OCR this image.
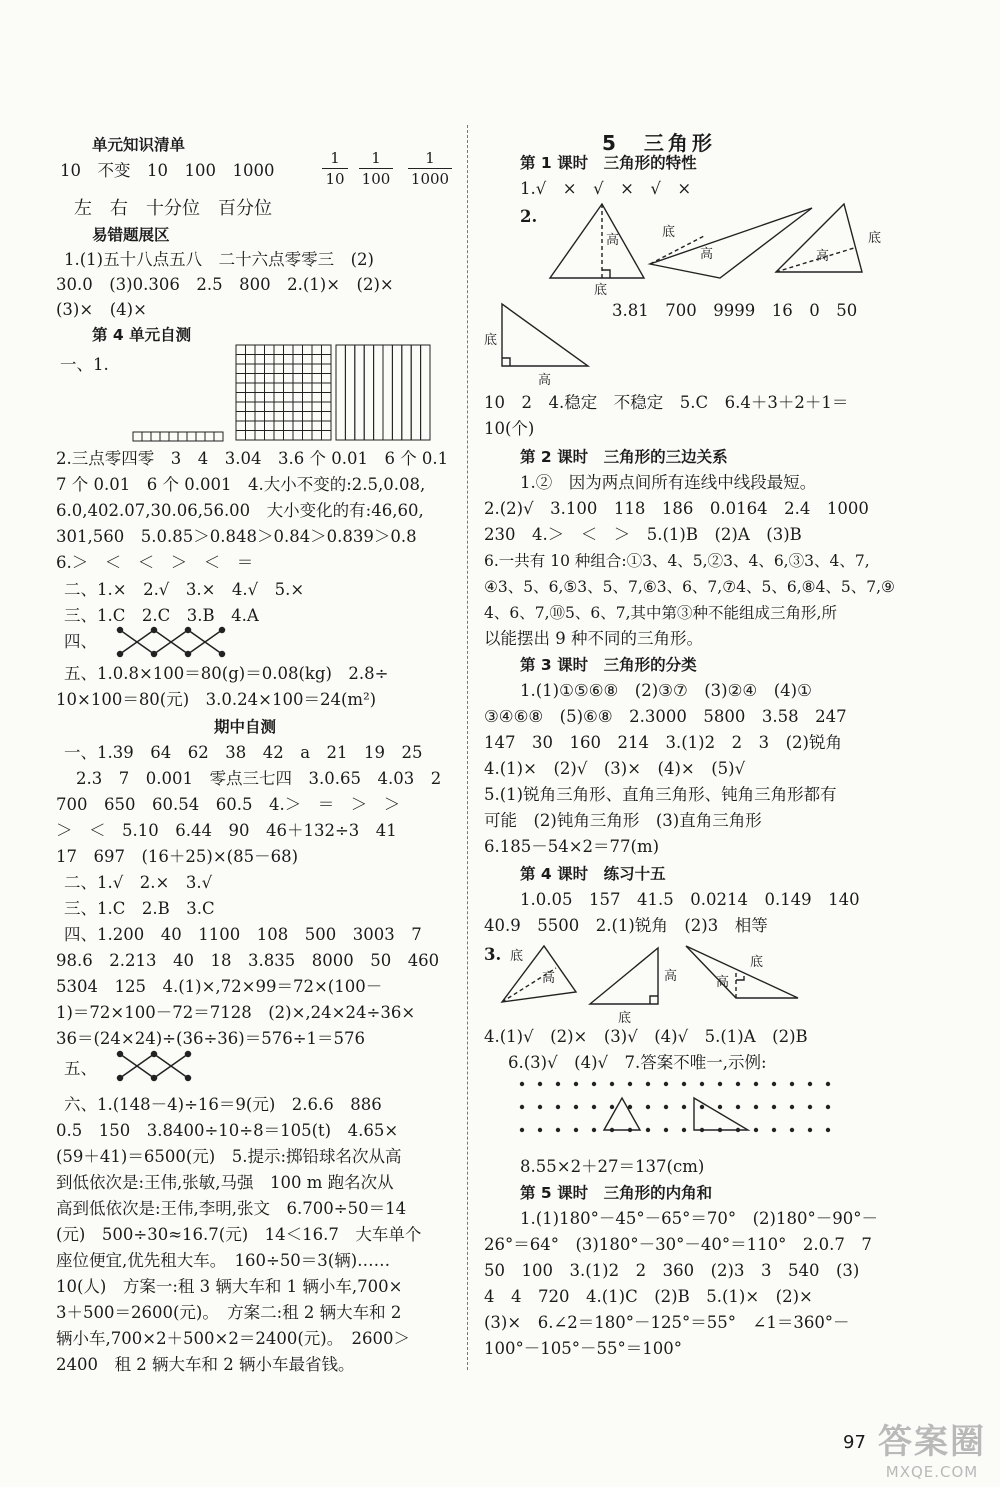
单元知识清单
10　不变　10　100　1000	$\frac{1}{10} \frac{1}{100} \frac{1}{1000}$
左　右　十分位　百分位
易错题展区
1.(1)五十八点五八　二十六点零零三　(2)
30.0　(3)0.306　2.5　800　2.(1)×　(2)×
(3)×　(4)×
第 4 单元自测
一、1.
2.三点零四零　3　4　3.04　3.6 个 0.01　6 个 0.1
7 个 0.01　6 个 0.001　4.大小不变的:2.5,0.08,
6.0,402.07,30.06,56.00　大小变化的有:46,60,
301,560　5.0.85＞0.848＞0.84＞0.839＞0.8
6.＞　＜　＜　＞　＜　＝
二、1.×　2.√　3.×　4.√　5.×
三、1.C　2.C　3.B　4.A
四、
五、1.0.8×100＝80(g)＝0.08(kg)　2.8÷
10×100＝80(元)　3.0.24×100＝24(m²)
期中自测
一、1.39　64　62　38　42　a　21　19　25
2.3　7　0.001　零点三七四　3.0.65　4.03　2
700　650　60.54　60.5　4.＞　＝　＞　＞
＞　＜　5.10　6.44　90　46＋132÷3　41
17　697　(16＋25)×(85－68)
二、1.√　2.×　3.√
三、1.C　2.B　3.C
四、1.200　40　1100　108　500　3003　7
98.6　2.213　40　18　3.835　8000　50　460
5304　125　4.(1)×,72×99＝72×(100－
1)＝72×100－72＝7128　(2)×,24×24÷36×
36＝(24×24)÷(36÷36)＝576÷1＝576
五、
六、1.(148－4)÷16＝9(元)　2.6.6　886
0.5　150　3.8400÷10÷8＝105(t)　4.65×
(59＋41)＝6500(元)　5.提示:掷铅球名次从高
到低依次是:王伟,张敏,马强　100 m 跑名次从
高到低依次是:王伟,李明,张文　6.700÷50＝14
(元)　500÷30≈16.7(元)　14＜16.7　大车单个
座位便宜,优先租大车。　160÷50＝3(辆)……
10(人)　方案一:租 3 辆大车和 1 辆小车,700×
3＋500＝2600(元)。　方案二:租 2 辆大车和 2
辆小车,700×2＋500×2＝2400(元)。　2600＞
2400　租 2 辆大车和 2 辆小车最省钱。
5　三角形
第 1 课时　三角形的特性
1.√　×　√　×　√　×
2.
高
底
底
高	高
底
3.81　700　9999　16　0　50
底
高
10　2　4.稳定　不稳定　5.C　6.4＋3＋2＋1＝
10(个)
第 2 课时　三角形的三边关系
1.②　因为两点间所有连线中线段最短。
2.(2)√　3.100　118　186　0.0164　2.4　1000
230　4.＞　＜　＞　5.(1)B　(2)A　(3)B
6.一共有 10 种组合:①3、4、5,②3、4、6,③3、4、7,
④3、5、6,⑤3、5、7,⑥3、6、7,⑦4、5、6,⑧4、5、7,⑨
4、6、7,⑩5、6、7,其中第③种不能组成三角形,所
以能摆出 9 种不同的三角形。
第 3 课时　三角形的分类
1.(1)①⑤⑥⑧　(2)③⑦　(3)②④　(4)①
③④⑥⑧　(5)⑥⑧　2.3000　5800　3.58　247
147　30　160　214　3.(1)2　2　3　(2)锐角
4.(1)×　(2)√　(3)×　(4)×　(5)√
5.(1)锐角三角形、直角三角形、钝角三角形都有
可能　(2)钝角三角形　(3)直角三角形
6.185－54×2＝77(m)
第 4 课时　练习十五
1.0.05　157　41.5　0.0214　0.149　140
40.9　5500　2.(1)锐角　(2)3　相等
3. 底
高	高
底
底
高
4.(1)√　(2)×　(3)√　(4)√　5.(1)A　(2)B
6.(3)√　(4)√　7.答案不唯一,示例:
8.55×2＋27＝137(cm)
第 5 课时　三角形的内角和
1.(1)180°－45°－65°＝70°　(2)180°－90°－
26°＝64°　(3)180°－30°－40°＝110°　2.0.7　7
50　100　3.(1)2　2　360　(2)3　3　540　(3)
4　4　720　4.(1)C　(2)B　5.(1)×　(2)×
(3)×　6.∠2＝180°－125°＝55°　∠1＝360°－
100°－105°－55°＝100°
97 答案圈
MXQE.COM
